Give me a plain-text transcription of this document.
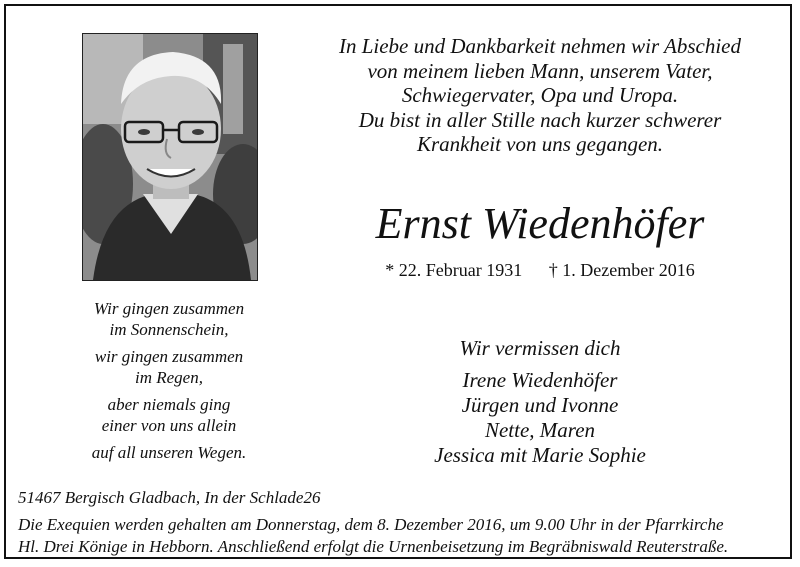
In Liebe und Dankbarkeit nehmen wir Abschied
von meinem lieben Mann, unserem Vater,
Schwiegervater, Opa und Uropa.
Du bist in aller Stille nach kurzer schwerer
Krankheit von uns gegangen.
Ernst Wiedenhöfer
* 22. Februar 1931 † 1. Dezember 2016
Wir gingen zusammen
im Sonnenschein,
wir gingen zusammen
im Regen,
aber niemals ging
einer von uns allein
auf all unseren Wegen.
Wir vermissen dich
Irene Wiedenhöfer
Jürgen und Ivonne
Nette, Maren
Jessica mit Marie Sophie
51467 Bergisch Gladbach, In der Schlade26
Die Exequien werden gehalten am Donnerstag, dem 8. Dezember 2016, um 9.00 Uhr in der Pfarrkirche
Hl. Drei Könige in Hebborn. Anschließend erfolgt die Urnenbeisetzung im Begräbniswald Reuterstraße.
